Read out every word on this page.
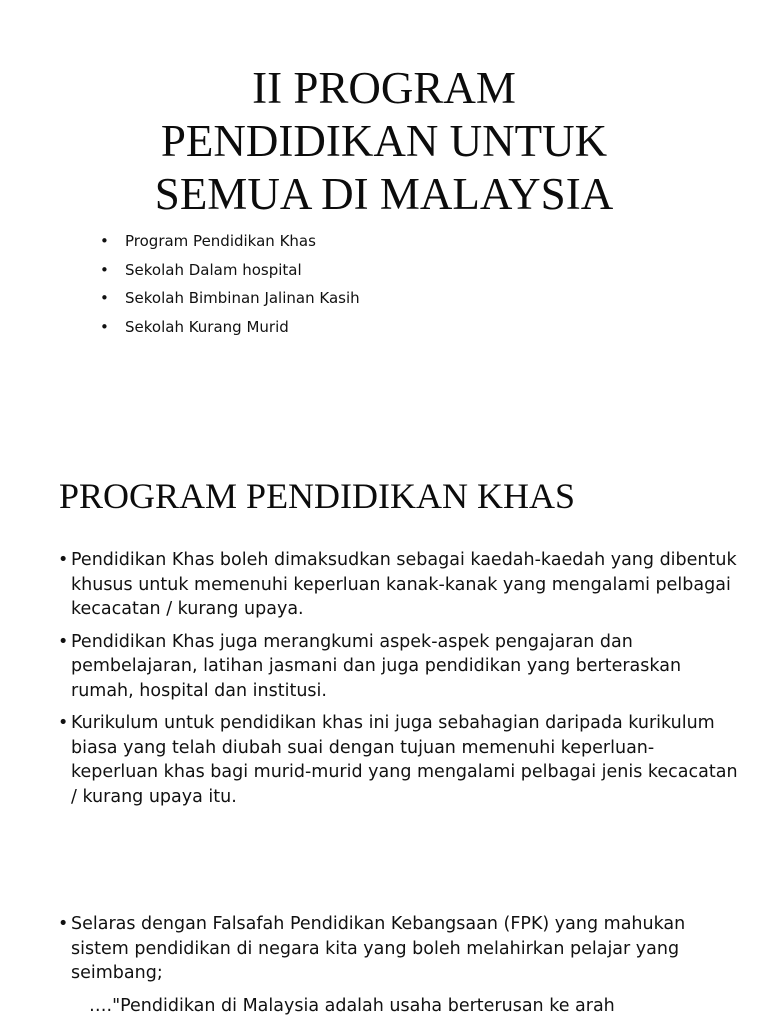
II PROGRAM
PENDIDIKAN UNTUK
SEMUA DI MALAYSIA
• Program Pendidikan Khas
• Sekolah Dalam hospital
• Sekolah Bimbinan Jalinan Kasih
• Sekolah Kurang Murid
PROGRAM PENDIDIKAN KHAS
• Pendidikan Khas boleh dimaksudkan sebagai kaedah-kaedah yang dibentuk khusus untuk memenuhi keperluan kanak-kanak yang mengalami pelbagai kecacatan / kurang upaya.
• Pendidikan Khas juga merangkumi aspek-aspek pengajaran dan pembelajaran, latihan jasmani dan juga pendidikan yang berteraskan rumah, hospital dan institusi.
• Kurikulum untuk pendidikan khas ini juga sebahagian daripada kurikulum biasa yang telah diubah suai dengan tujuan memenuhi keperluan-keperluan khas bagi murid-murid yang mengalami pelbagai jenis kecacatan / kurang upaya itu.
• Selaras dengan Falsafah Pendidikan Kebangsaan (FPK) yang mahukan sistem pendidikan di negara kita yang boleh melahirkan pelajar yang seimbang;

…."Pendidikan di Malaysia adalah usaha berterusan ke arah
